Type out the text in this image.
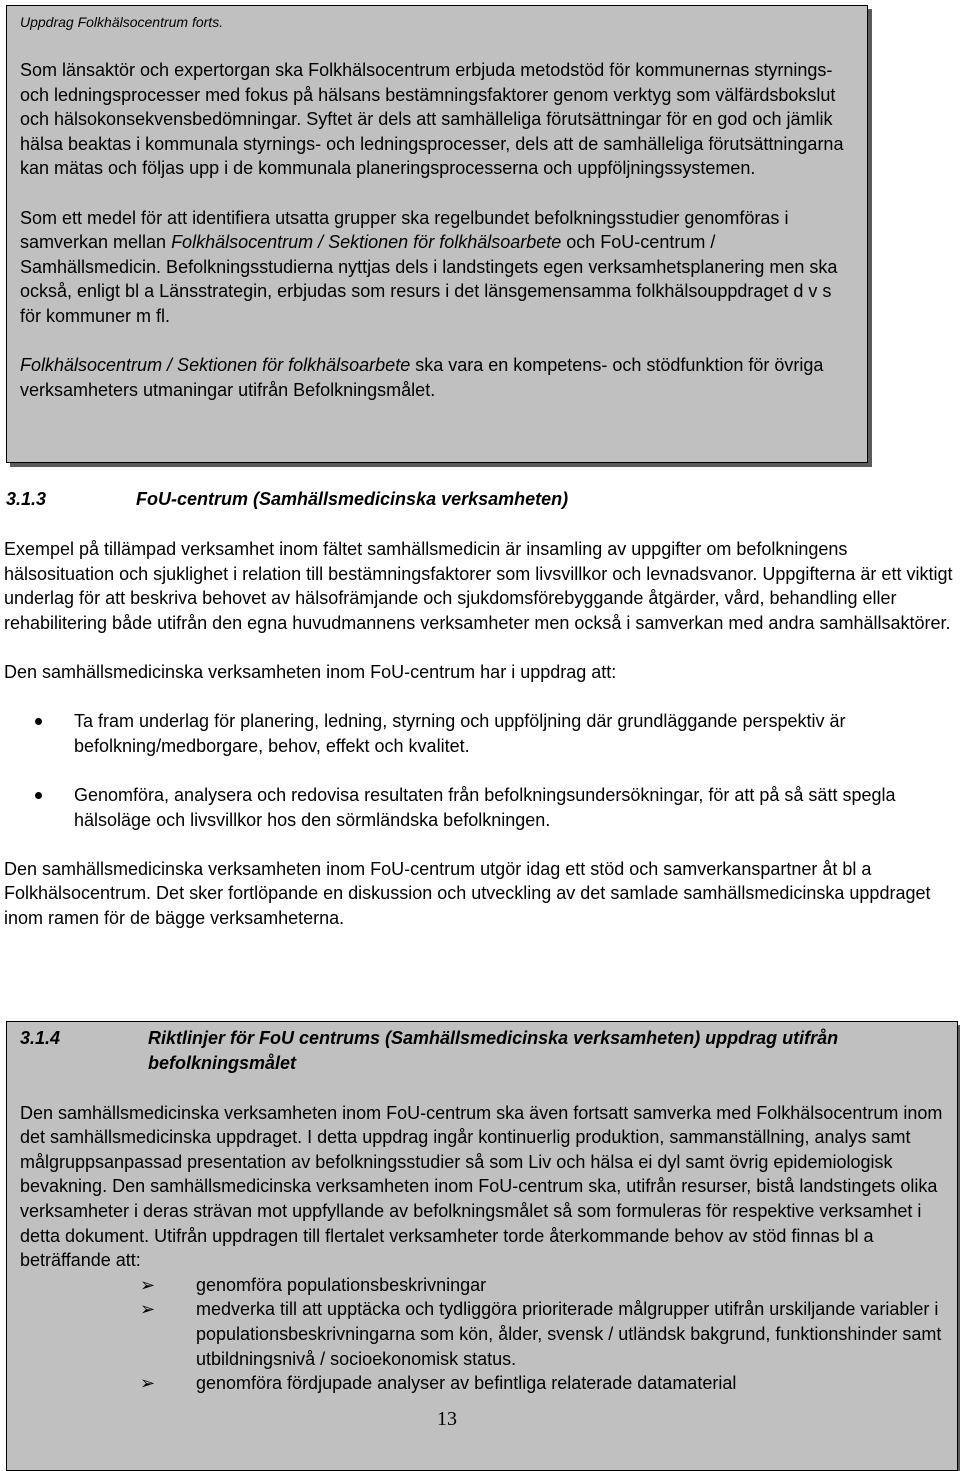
Uppdrag Folkhälsocentrum forts.

Som länsaktör och expertorgan ska Folkhälsocentrum erbjuda metodstöd för kommunernas styrnings- och ledningsprocesser med fokus på hälsans bestämningsfaktorer genom verktyg som välfärdsbokslut och hälsokonsekvensbedömningar. Syftet är dels att samhälleliga förutsättningar för en god och jämlik hälsa beaktas i kommunala styrnings- och ledningsprocesser, dels att de samhälleliga förutsättningarna kan mätas och följas upp i de kommunala planeringsprocesserna och uppföljningssystemen.

Som ett medel för att identifiera utsatta grupper ska regelbundet befolkningsstudier genomföras i samverkan mellan Folkhälsocentrum / Sektionen för folkhälsoarbete och FoU-centrum / Samhällsmedicin. Befolkningsstudierna nyttjas dels i landstingets egen verksamhetsplanering men ska också, enligt bl a Länsstrategin, erbjudas som resurs i det länsgemensamma folkhälsouppdraget d v s för kommuner m fl.

Folkhälsocentrum / Sektionen för folkhälsoarbete ska vara en kompetens- och stödfunktion för övriga verksamheters utmaningar utifrån Befolkningsmålet.

3.1.3	FoU-centrum (Samhällsmedicinska verksamheten)

Exempel på tillämpad verksamhet inom fältet samhällsmedicin är insamling av uppgifter om befolkningens hälsosituation och sjuklighet i relation till bestämningsfaktorer som livsvillkor och levnadsvanor. Uppgifterna är ett viktigt underlag för att beskriva behovet av hälsofrämjande och sjukdomsförebyggande åtgärder, vård, behandling eller rehabilitering både utifrån den egna huvudmannens verksamheter men också i samverkan med andra samhällsaktörer.

Den samhällsmedicinska verksamheten inom FoU-centrum har i uppdrag att:

Ta fram underlag för planering, ledning, styrning och uppföljning där grundläggande perspektiv är befolkning/medborgare, behov, effekt och kvalitet.
Genomföra, analysera och redovisa resultaten från befolkningsundersökningar, för att på så sätt spegla hälsoläge och livsvillkor hos den sörmländska befolkningen.

Den samhällsmedicinska verksamheten inom FoU-centrum utgör idag ett stöd och samverkanspartner åt bl a Folkhälsocentrum. Det sker fortlöpande en diskussion och utveckling av det samlade samhällsmedicinska uppdraget inom ramen för de bägge verksamheterna.

3.1.4	Riktlinjer för FoU centrums (Samhällsmedicinska verksamheten) uppdrag utifrån befolkningsmålet

Den samhällsmedicinska verksamheten inom FoU-centrum ska även fortsatt samverka med Folkhälsocentrum inom det samhällsmedicinska uppdraget. I detta uppdrag ingår kontinuerlig produktion, sammanställning, analys samt målgruppsanpassad presentation av befolkningsstudier så som Liv och hälsa ei dyl samt övrig epidemiologisk bevakning. Den samhällsmedicinska verksamheten inom FoU-centrum ska, utifrån resurser, bistå landstingets olika verksamheter i deras strävan mot uppfyllande av befolkningsmålet så som formuleras för respektive verksamhet i detta dokument. Utifrån uppdragen till flertalet verksamheter torde återkommande behov av stöd finnas bl a beträffande att:

➢ genomföra populationsbeskrivningar
➢ medverka till att upptäcka och tydliggöra prioriterade målgrupper utifrån urskiljande variabler i populationsbeskrivningarna som kön, ålder, svensk / utländsk bakgrund, funktionshinder samt utbildningsnivå / socioekonomisk status.
➢ genomföra fördjupade analyser av befintliga relaterade datamaterial
13
